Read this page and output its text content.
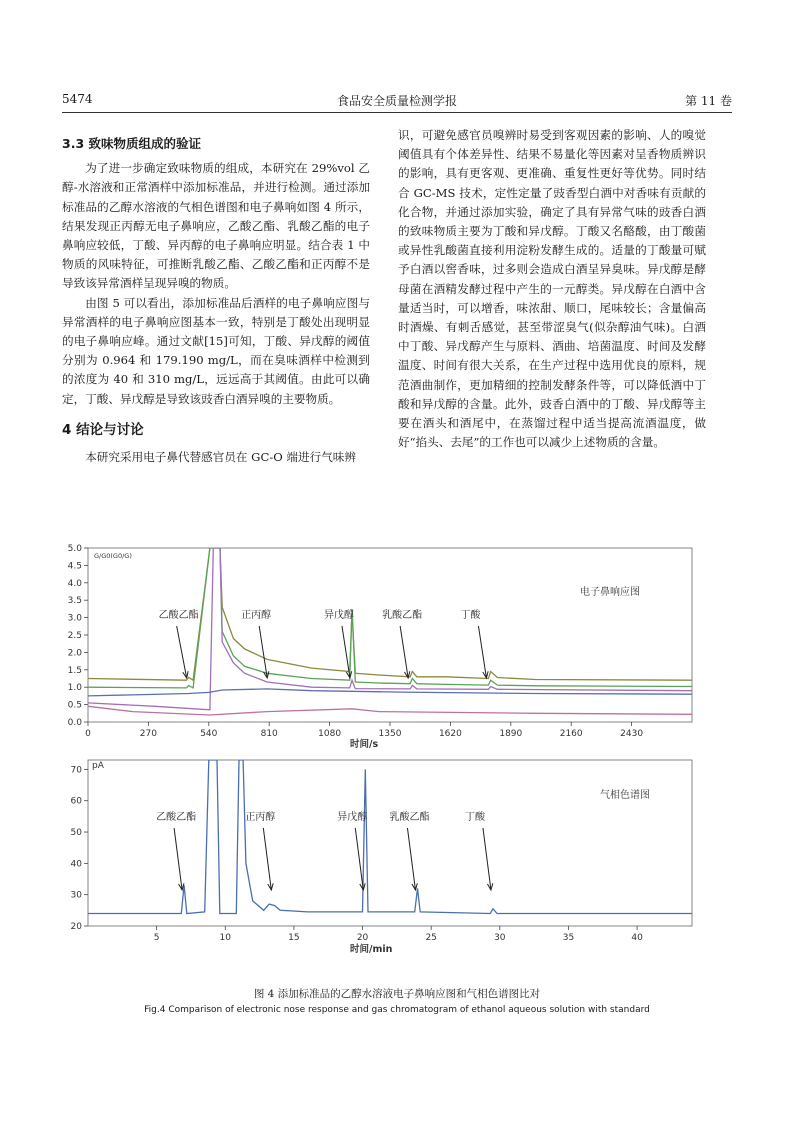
5474	食品安全质量检测学报	第 11 卷
3.3 致味物质组成的验证

为了进一步确定致味物质的组成，本研究在 29%vol 乙醇-水溶液和正常酒样中添加标准品，并进行检测。通过添加标准品的乙醇水溶液的气相色谱图和电子鼻响如图 4 所示，结果发现正丙醇无电子鼻响应，乙酸乙酯、乳酸乙酯的电子鼻响应较低，丁酸、异丙醇的电子鼻响应明显。结合表 1 中物质的风味特征，可推断乳酸乙酯、乙酸乙酯和正丙醇不是导致该异常酒样呈现异嗅的物质。

由图 5 可以看出，添加标准品后酒样的电子鼻响应图与异常酒样的电子鼻响应图基本一致，特别是丁酸处出现明显的电子鼻响应峰。通过文献[15]可知，丁酸、异戊醇的阈值分别为 0.964 和 179.190 mg/L，而在臭味酒样中检测到的浓度为 40 和 310 mg/L，远远高于其阈值。由此可以确定，丁酸、异戊醇是导致该豉香白酒异嗅的主要物质。

4 结论与讨论

本研究采用电子鼻代替感官员在 GC-O 端进行气味辨

识，可避免感官员嗅辨时易受到客观因素的影响、人的嗅觉阈值具有个体差异性、结果不易量化等因素对呈香物质辨识的影响，具有更客观、更准确、重复性更好等优势。同时结合 GC-MS 技术，定性定量了豉香型白酒中对香味有贡献的化合物，并通过添加实验，确定了具有异常气味的豉香白酒的致味物质主要为丁酸和异戊醇。丁酸又名酪酸，由丁酸菌或异性乳酸菌直接利用淀粉发酵生成的。适量的丁酸量可赋予白酒以窖香味，过多则会造成白酒呈异臭味。异戊醇是酵母菌在酒精发酵过程中产生的一元醇类。异戊醇在白酒中含量适当时，可以增香，味浓甜、顺口，尾味较长；含量偏高时酒燥、有刺舌感觉，甚至带涩臭气(似杂醇油气味)。白酒中丁酸、异戊醇产生与原料、酒曲、培菌温度、时间及发酵温度、时间有很大关系，在生产过程中选用优良的原料，规范酒曲制作，更加精细的控制发酵条件等，可以降低酒中丁酸和异戊醇的含量。此外，豉香白酒中的丁酸、异戊醇等主要在酒头和酒尾中，在蒸馏过程中适当提高流酒温度，做好“掐头、去尾”的工作也可以减少上述物质的含量。

0.0
0.5
1.0
1.5
2.0
2.5
3.0
3.5
4.0
4.5
5.0
0	270	540	810	1080	1350	1620	1890	2160	2430
时间/s
G/G0(G0/G)
电子鼻响应图
乙酸乙酯	正丙醇	异戊醇	乳酸乙酯	丁酸
20
30
40
50
60
70
5	10	15	20	25	30	35	40
时间/min
pA
气相色谱图
乙酸乙酯	正丙醇	异戊醇 乳酸乙酯	丁酸
图 4 添加标准品的乙醇水溶液电子鼻响应图和气相色谱图比对
Fig.4 Comparison of electronic nose response and gas chromatogram of ethanol aqueous solution with standard
